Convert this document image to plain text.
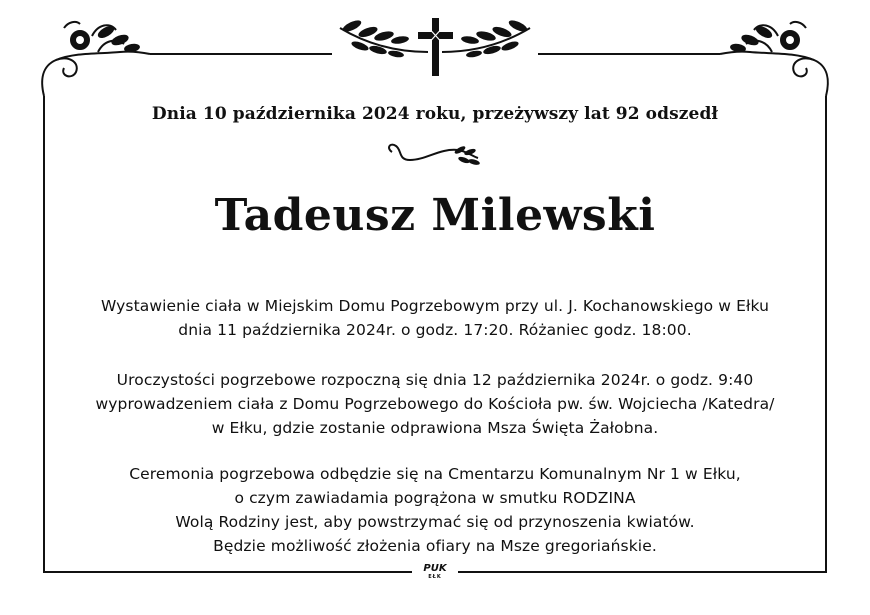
Dnia 10 października 2024 roku, przeżywszy lat 92 odszedł
Tadeusz Milewski
Wystawienie ciała w Miejskim Domu Pogrzebowym przy ul. J. Kochanowskiego w Ełku
dnia 11 października 2024r. o godz. 17:20. Różaniec godz. 18:00.
Uroczystości pogrzebowe rozpoczną się dnia 12 października 2024r. o godz. 9:40
wyprowadzeniem ciała z Domu Pogrzebowego do Kościoła pw. św. Wojciecha /Katedra/
w Ełku, gdzie zostanie odprawiona Msza Święta Żałobna.
Ceremonia pogrzebowa odbędzie się na Cmentarzu Komunalnym Nr 1 w Ełku,
o czym zawiadamia pogrążona w smutku RODZINA
Wolą Rodziny jest, aby powstrzymać się od przynoszenia kwiatów.
Będzie możliwość złożenia ofiary na Msze gregoriańskie.
PUK
EŁK
